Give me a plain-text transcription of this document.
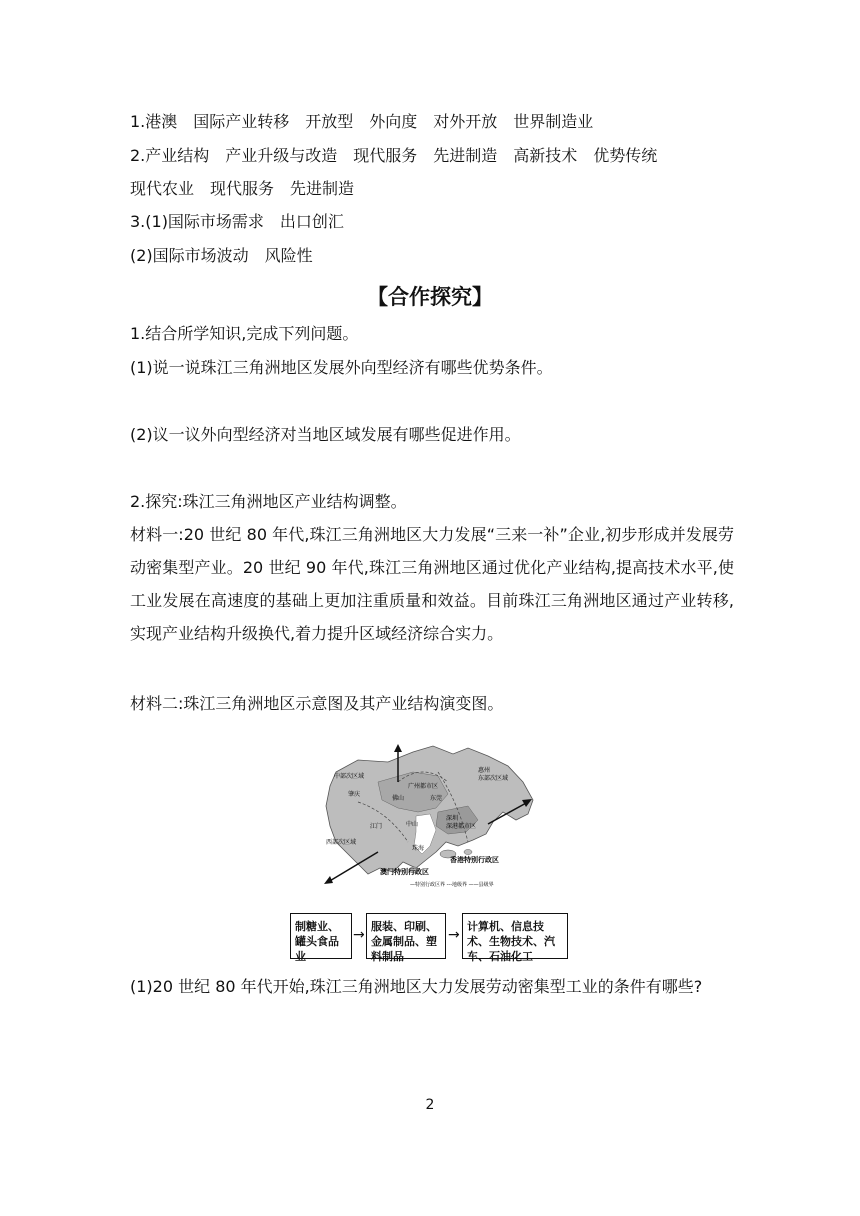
1.港澳　国际产业转移　开放型　外向度　对外开放　世界制造业
2.产业结构　产业升级与改造　现代服务　先进制造　高新技术　优势传统
现代农业　现代服务　先进制造
3.(1)国际市场需求　出口创汇
(2)国际市场波动　风险性
【合作探究】
1.结合所学知识,完成下列问题。
(1)说一说珠江三角洲地区发展外向型经济有哪些优势条件。
(2)议一议外向型经济对当地区域发展有哪些促进作用。
2.探究:珠江三角洲地区产业结构调整。
材料一:20 世纪 80 年代,珠江三角洲地区大力发展“三来一补”企业,初步形成并发展劳动密集型产业。20 世纪 90 年代,珠江三角洲地区通过优化产业结构,提高技术水平,使工业发展在高速度的基础上更加注重质量和效益。目前珠江三角洲地区通过产业转移,实现产业结构升级换代,着力提升区域经济综合实力。
材料二:珠江三角洲地区示意图及其产业结构演变图。
中部次区域
广州都市区
惠州
东部次区域
肇庆
佛山	东莞
江门	中山
深圳
深港都市区
西部次区域
珠海
香港特别行政区
澳门特别行政区
—特别行政区界 ---地级界 ——县级界
制糖业、罐头食品业
→
服装、印刷、金属制品、塑料制品
→
计算机、信息技术、生物技术、汽车、石油化工
(1)20 世纪 80 年代开始,珠江三角洲地区大力发展劳动密集型工业的条件有哪些?
2
